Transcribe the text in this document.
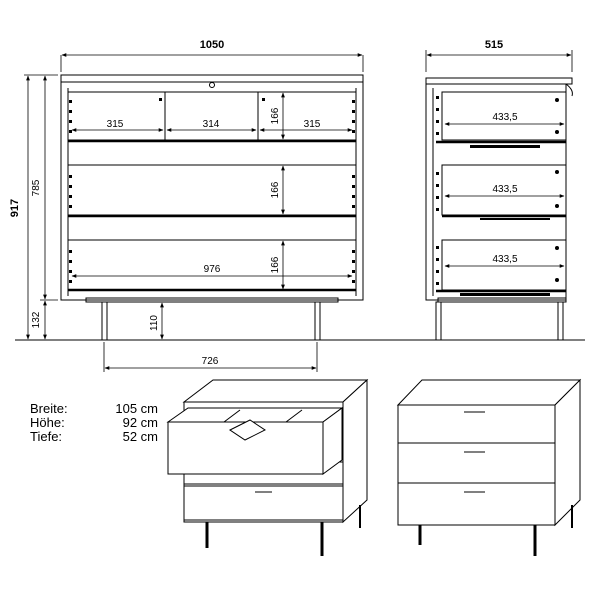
1050
917
785
132
315	314	315
166
166
166
976
110
726
515
433,5
433,5
433,5
Breite:	105 cm
Höhe:	92 cm
Tiefe:	52 cm
